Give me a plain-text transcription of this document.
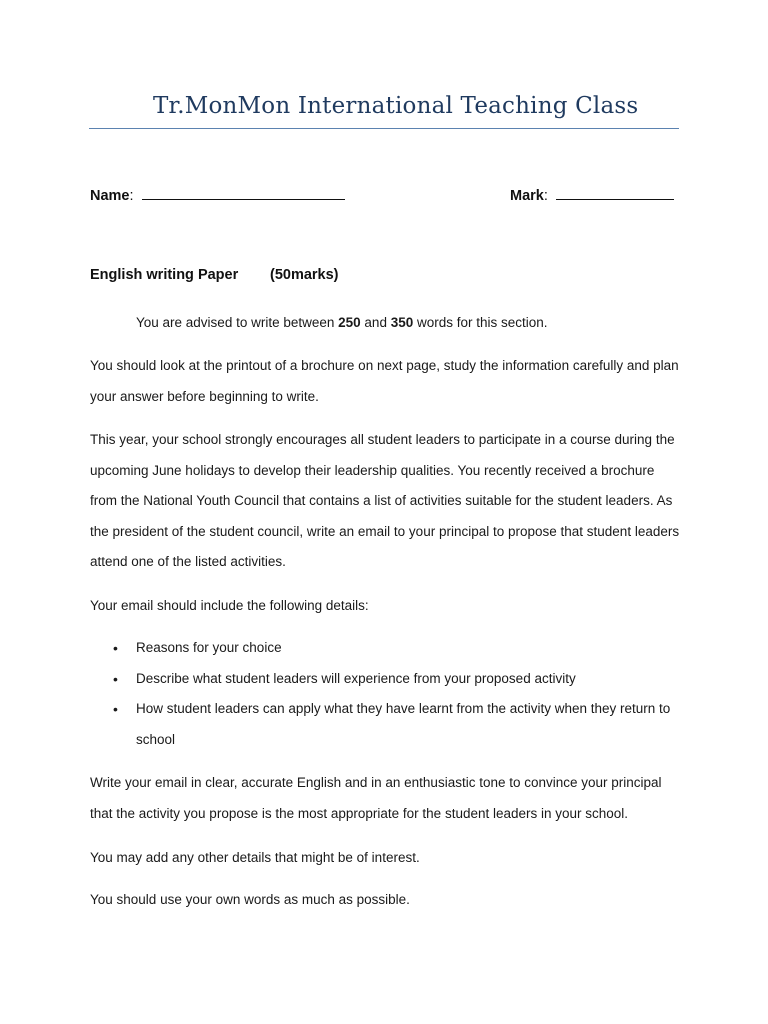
Tr.MonMon International Teaching Class
Name:	Mark:
English writing Paper (50marks)

You are advised to write between 250 and 350 words for this section.

You should look at the printout of a brochure on next page, study the information carefully and plan your answer before beginning to write.

This year, your school strongly encourages all student leaders to participate in a course during the upcoming June holidays to develop their leadership qualities. You recently received a brochure from the National Youth Council that contains a list of activities suitable for the student leaders. As the president of the student council, write an email to your principal to propose that student leaders attend one of the listed activities.

Your email should include the following details:

• Reasons for your choice
• Describe what student leaders will experience from your proposed activity
• How student leaders can apply what they have learnt from the activity when they return to school

Write your email in clear, accurate English and in an enthusiastic tone to convince your principal that the activity you propose is the most appropriate for the student leaders in your school.

You may add any other details that might be of interest.

You should use your own words as much as possible.
